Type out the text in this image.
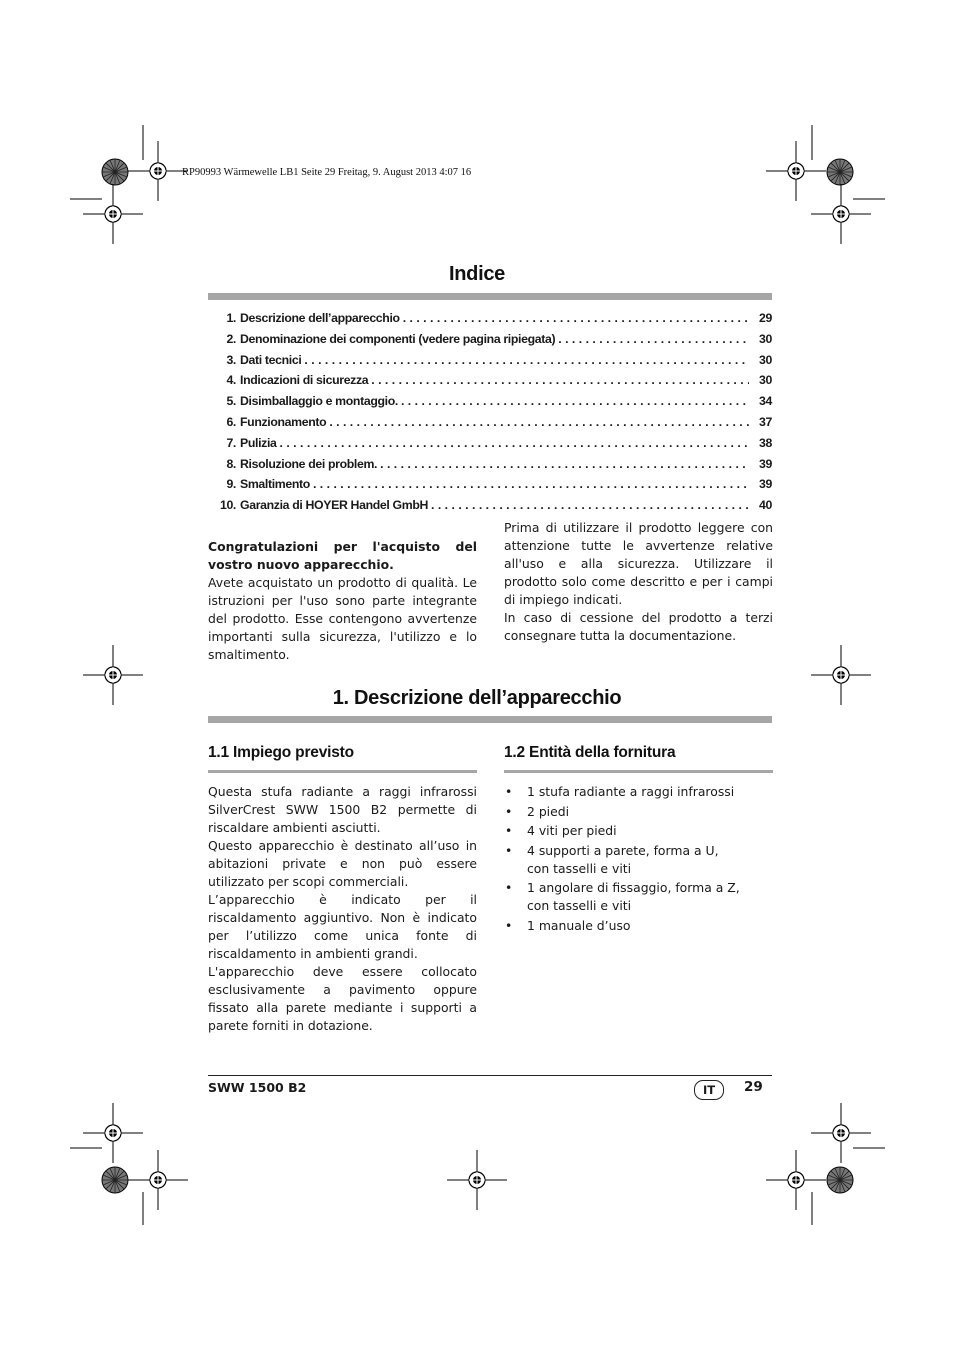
RP90993 Wärmewelle LB1 Seite 29 Freitag, 9. August 2013 4:07 16
Indice
1. Descrizione dell’apparecchio . . .	29
2. Denominazione dei componenti (vedere pagina ripiegata) . . .	30
3. Dati tecnici . . .	30
4. Indicazioni di sicurezza . . .	30
5. Disimballaggio e montaggio. . . .	34
6. Funzionamento . . .	37
7. Pulizia . . .	38
8. Risoluzione dei problem. . . .	39
9. Smaltimento . . .	39
10. Garanzia di HOYER Handel GmbH . . .	40

Congratulazioni per l'acquisto del vostro nuovo apparecchio.

Avete acquistato un prodotto di qualità. Le istruzioni per l'uso sono parte integrante del prodotto. Esse contengono avvertenze importanti sulla sicurezza, l'utilizzo e lo smaltimento.

Prima di utilizzare il prodotto leggere con attenzione tutte le avvertenze relative all'uso e alla sicurezza. Utilizzare il prodotto solo come descritto e per i campi di impiego indicati.

In caso di cessione del prodotto a terzi consegnare tutta la documentazione.

1. Descrizione dell’apparecchio
1.1 Impiego previsto

Questa stufa radiante a raggi infrarossi SilverCrest SWW 1500 B2 permette di riscaldare ambienti asciutti.

Questo apparecchio è destinato all’uso in abitazioni private e non può essere utilizzato per scopi commerciali.

L’apparecchio è indicato per il riscaldamento aggiuntivo. Non è indicato per l’utilizzo come unica fonte di riscaldamento in ambienti grandi.

L'apparecchio deve essere collocato esclusivamente a pavimento oppure fissato alla parete mediante i supporti a parete forniti in dotazione.

1.2 Entità della fornitura
• 1 stufa radiante a raggi infrarossi
• 2 piedi
• 4 viti per piedi
• 4 supporti a parete, forma a U, con tasselli e viti
• 1 angolare di fissaggio, forma a Z, con tasselli e viti
• 1 manuale d’uso
SWW 1500 B2	IT	29
